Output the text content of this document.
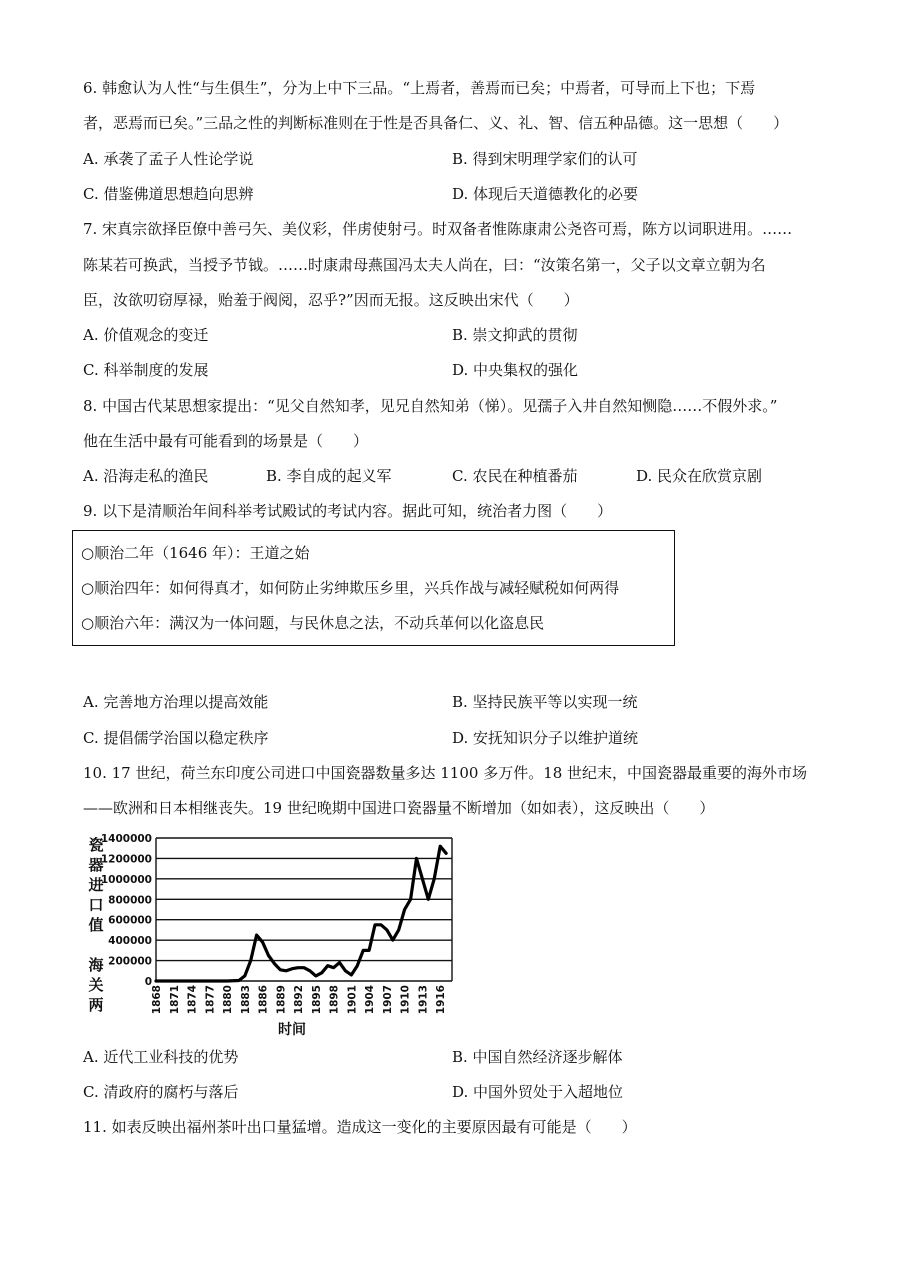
6. 韩愈认为人性“与生俱生”，分为上中下三品。“上焉者，善焉而已矣；中焉者，可导而上下也；下焉
者，恶焉而已矣。”三品之性的判断标准则在于性是否具备仁、义、礼、智、信五种品德。这一思想（　　）
A. 承袭了孟子人性论学说	B. 得到宋明理学家们的认可
C. 借鉴佛道思想趋向思辨	D. 体现后天道德教化的必要
7. 宋真宗欲择臣僚中善弓矢、美仪彩，伴虏使射弓。时双备者惟陈康肃公尧咨可焉，陈方以词职进用。……
陈某若可换武，当授予节钺。……时康肃母燕国冯太夫人尚在，曰：“汝策名第一，父子以文章立朝为名
臣，汝欲叨窃厚禄，贻羞于阀阅，忍乎?”因而无报。这反映出宋代（　　）
A. 价值观念的变迁	B. 崇文抑武的贯彻
C. 科举制度的发展	D. 中央集权的强化
8. 中国古代某思想家提出：“见父自然知孝，见兄自然知弟（悌）。见孺子入井自然知恻隐……不假外求。”
他在生活中最有可能看到的场景是（　　）
A. 沿海走私的渔民	B. 李自成的起义军	C. 农民在种植番茄	D. 民众在欣赏京剧
9. 以下是清顺治年间科举考试殿试的考试内容。据此可知，统治者力图（　　）
○顺治二年（1646 年）：王道之始
○顺治四年：如何得真才，如何防止劣绅欺压乡里，兴兵作战与减轻赋税如何两得
○顺治六年：满汉为一体问题，与民休息之法，不动兵革何以化盗息民
A. 完善地方治理以提高效能	B. 坚持民族平等以实现一统
C. 提倡儒学治国以稳定秩序	D. 安抚知识分子以维护道统
10. 17 世纪，荷兰东印度公司进口中国瓷器数量多达 1100 多万件。18 世纪末，中国瓷器最重要的海外市场
——欧洲和日本相继丧失。19 世纪晚期中国进口瓷器量不断增加（如如表），这反映出（　　）
瓷
器
进
口
值
海
关
两
0
200000
400000
600000
800000
1000000
1200000
1400000
1868 1871 1874 1877 1880 1883 1886 1889 1892 1895 1898 1901 1904 1907 1910 1913 1916
时间
A. 近代工业科技的优势	B. 中国自然经济逐步解体
C. 清政府的腐朽与落后	D. 中国外贸处于入超地位
11. 如表反映出福州茶叶出口量猛增。造成这一变化的主要原因最有可能是（　　）
